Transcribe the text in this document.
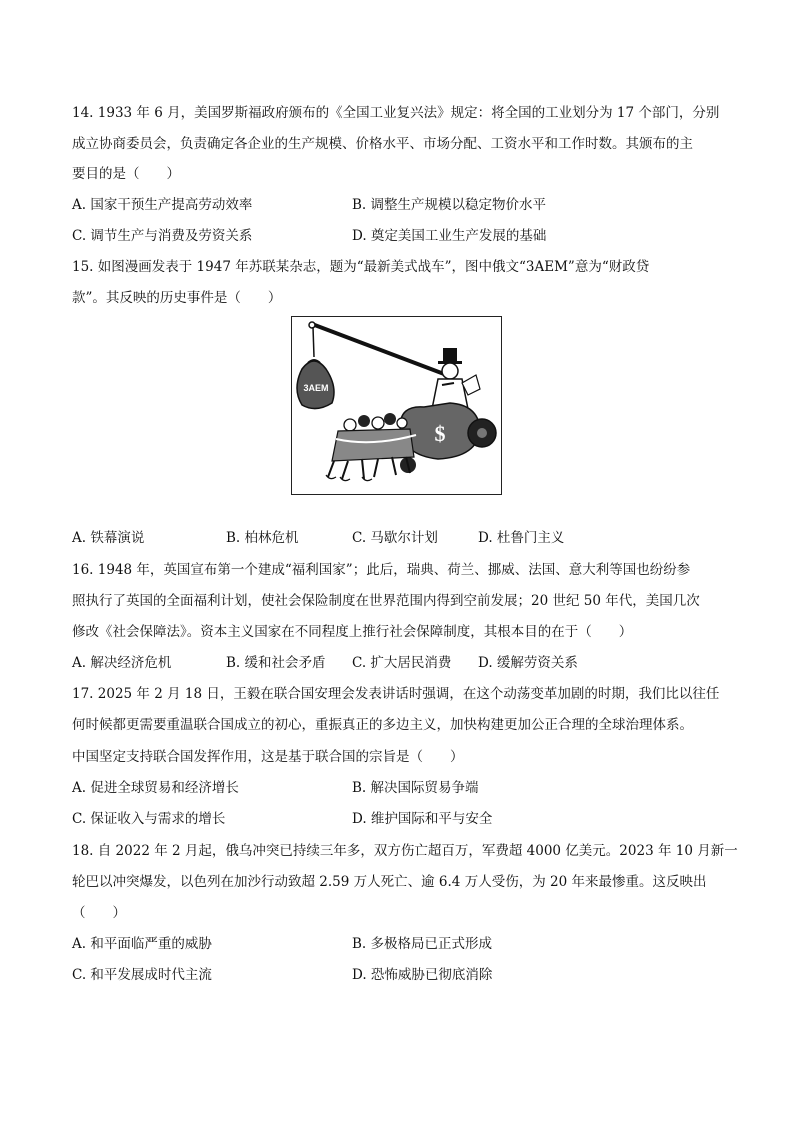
14. 1933 年 6 月，美国罗斯福政府颁布的《全国工业复兴法》规定：将全国的工业划分为 17 个部门，分别
成立协商委员会，负责确定各企业的生产规模、价格水平、市场分配、工资水平和工作时数。其颁布的主
要目的是（　　）
A. 国家干预生产提高劳动效率	B. 调整生产规模以稳定物价水平
C. 调节生产与消费及劳资关系	D. 奠定美国工业生产发展的基础
15. 如图漫画发表于 1947 年苏联某杂志，题为“最新美式战车”，图中俄文“3AEM”意为“财政贷
款”。其反映的历史事件是（　　）
3AEM
$
A. 铁幕演说	B. 柏林危机	C. 马歇尔计划	D. 杜鲁门主义
16. 1948 年，英国宣布第一个建成“福利国家”；此后，瑞典、荷兰、挪威、法国、意大利等国也纷纷参
照执行了英国的全面福利计划，使社会保险制度在世界范围内得到空前发展；20 世纪 50 年代，美国几次
修改《社会保障法》。资本主义国家在不同程度上推行社会保障制度，其根本目的在于（　　）
A. 解决经济危机	B. 缓和社会矛盾 C. 扩大居民消费 D. 缓解劳资关系
17. 2025 年 2 月 18 日，王毅在联合国安理会发表讲话时强调，在这个动荡变革加剧的时期，我们比以往任
何时候都更需要重温联合国成立的初心，重振真正的多边主义，加快构建更加公正合理的全球治理体系。
中国坚定支持联合国发挥作用，这是基于联合国的宗旨是（　　）
A. 促进全球贸易和经济增长	B. 解决国际贸易争端
C. 保证收入与需求的增长	D. 维护国际和平与安全
18. 自 2022 年 2 月起，俄乌冲突已持续三年多，双方伤亡超百万，军费超 4000 亿美元。2023 年 10 月新一
轮巴以冲突爆发，以色列在加沙行动致超 2.59 万人死亡、逾 6.4 万人受伤，为 20 年来最惨重。这反映出
（　　）
A. 和平面临严重的威胁	B. 多极格局已正式形成
C. 和平发展成时代主流	D. 恐怖威胁已彻底消除
